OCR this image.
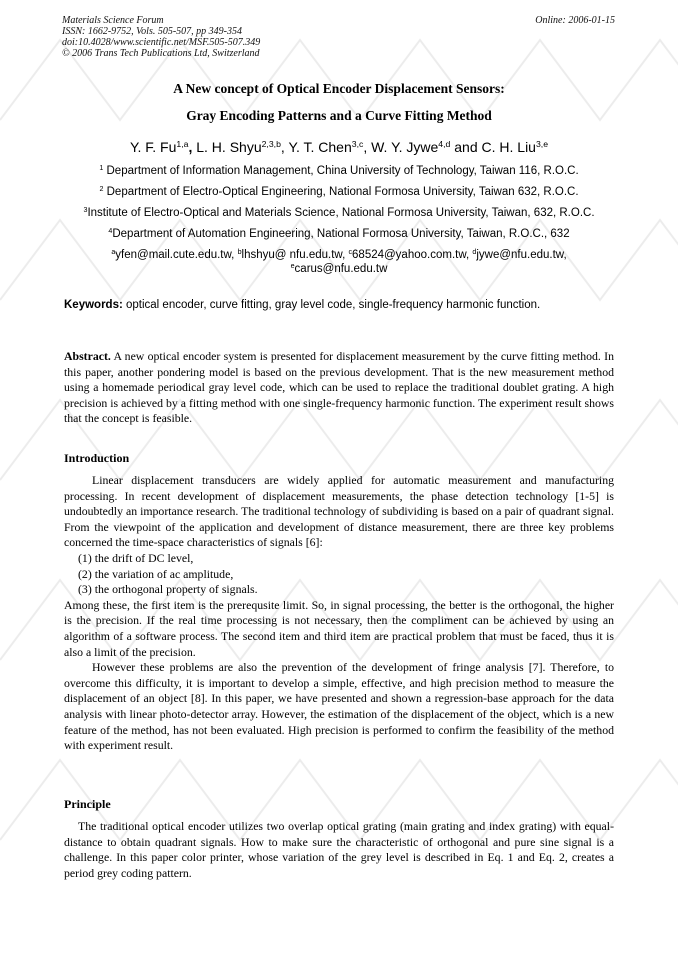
Materials Science Forum
ISSN: 1662-9752, Vols. 505-507, pp 349-354
doi:10.4028/www.scientific.net/MSF.505-507.349
© 2006 Trans Tech Publications Ltd, Switzerland
Online: 2006-01-15
A New concept of Optical Encoder Displacement Sensors:
Gray Encoding Patterns and a Curve Fitting Method
Y. F. Fu$^{1,a}$, L. H. Shyu$^{2,3,b}$, Y. T. Chen$^{3,c}$, W. Y. Jywe$^{4,d}$ and C. H. Liu$^{3,e}$
$^1$ Department of Information Management, China University of Technology, Taiwan 116, R.O.C.
$^2$ Department of Electro-Optical Engineering, National Formosa University, Taiwan 632, R.O.C.
$^3$Institute of Electro-Optical and Materials Science, National Formosa University, Taiwan, 632, R.O.C.
$^4$Department of Automation Engineering, National Formosa University, Taiwan, R.O.C., 632
$^a$yfen@mail.cute.edu.tw, $^b$lhshyu@ nfu.edu.tw, $^c$68524@yahoo.com.tw, $^d$jywe@nfu.edu.tw,
$^e$carus@nfu.edu.tw
Keywords: optical encoder, curve fitting, gray level code, single-frequency harmonic function.

Abstract. A new optical encoder system is presented for displacement measurement by the curve fitting method. In this paper, another pondering model is based on the previous development. That is the new measurement method using a homemade periodical gray level code, which can be used to replace the traditional doublet grating. A high precision is achieved by a fitting method with one single-frequency harmonic function. The experiment result shows that the concept is feasible.

Introduction

Linear displacement transducers are widely applied for automatic measurement and manufacturing processing. In recent development of displacement measurements, the phase detection technology [1-5] is undoubtedly an importance research. The traditional technology of subdividing is based on a pair of quadrant signal. From the viewpoint of the application and development of distance measurement, there are three key problems concerned the time-space characteristics of signals [6]:

(1) the drift of DC level,

(2) the variation of ac amplitude,

(3) the orthogonal property of signals.

Among these, the first item is the prerequsite limit. So, in signal processing, the better is the orthogonal, the higher is the precision. If the real time processing is not necessary, then the compliment can be achieved by using an algorithm of a software process. The second item and third item are practical problem that must be faced, thus it is also a limit of the precision.

However these problems are also the prevention of the development of fringe analysis [7]. Therefore, to overcome this difficulty, it is important to develop a simple, effective, and high precision method to measure the displacement of an object [8]. In this paper, we have presented and shown a regression-base approach for the data analysis with linear photo-detector array. However, the estimation of the displacement of the object, which is a new feature of the method, has not been evaluated. High precision is performed to confirm the feasibility of the method with experiment result.

Principle

The traditional optical encoder utilizes two overlap optical grating (main grating and index grating) with equal-distance to obtain quadrant signals. How to make sure the characteristic of orthogonal and pure sine signal is a challenge. In this paper color printer, whose variation of the grey level is described in Eq. 1 and Eq. 2, creates a period grey coding pattern.
